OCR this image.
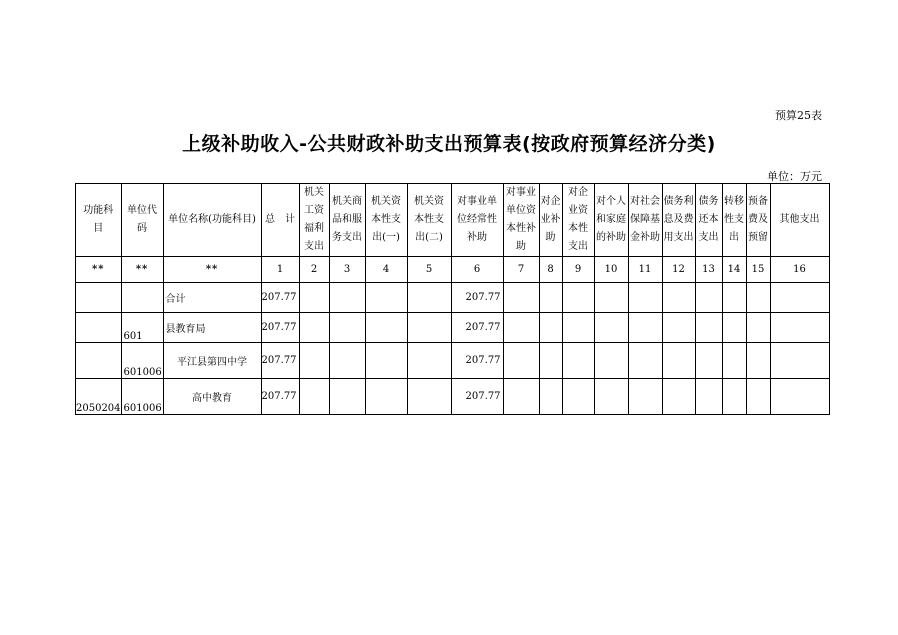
预算25表
上级补助收入-公共财政补助支出预算表(按政府预算经济分类)
单位：万元
功能科
目	单位代
码	单位名称(功能科目)	总　计	机关
工资
福利
支出	机关商
品和服
务支出	机关资
本性支
出(一)	机关资
本性支
出(二)	对事业单
位经常性
补助	对事业
单位资
本性补
助	对企
业补
助	对企
业资
本性
支出	对个人
和家庭
的补助	对社会
保障基
金补助	债务利
息及费
用支出	债务
还本
支出	转移
性支
出	预备
费及
预留	其他支出
**	**	**	1	2	3	4	5	6	7	8	9	10	11	12	13	14	15	16
		合计	207.77					207.77										
	601	县教育局	207.77					207.77										
	601006	平江县第四中学	207.77					207.77										
2050204	601006	高中教育	207.77					207.77										
